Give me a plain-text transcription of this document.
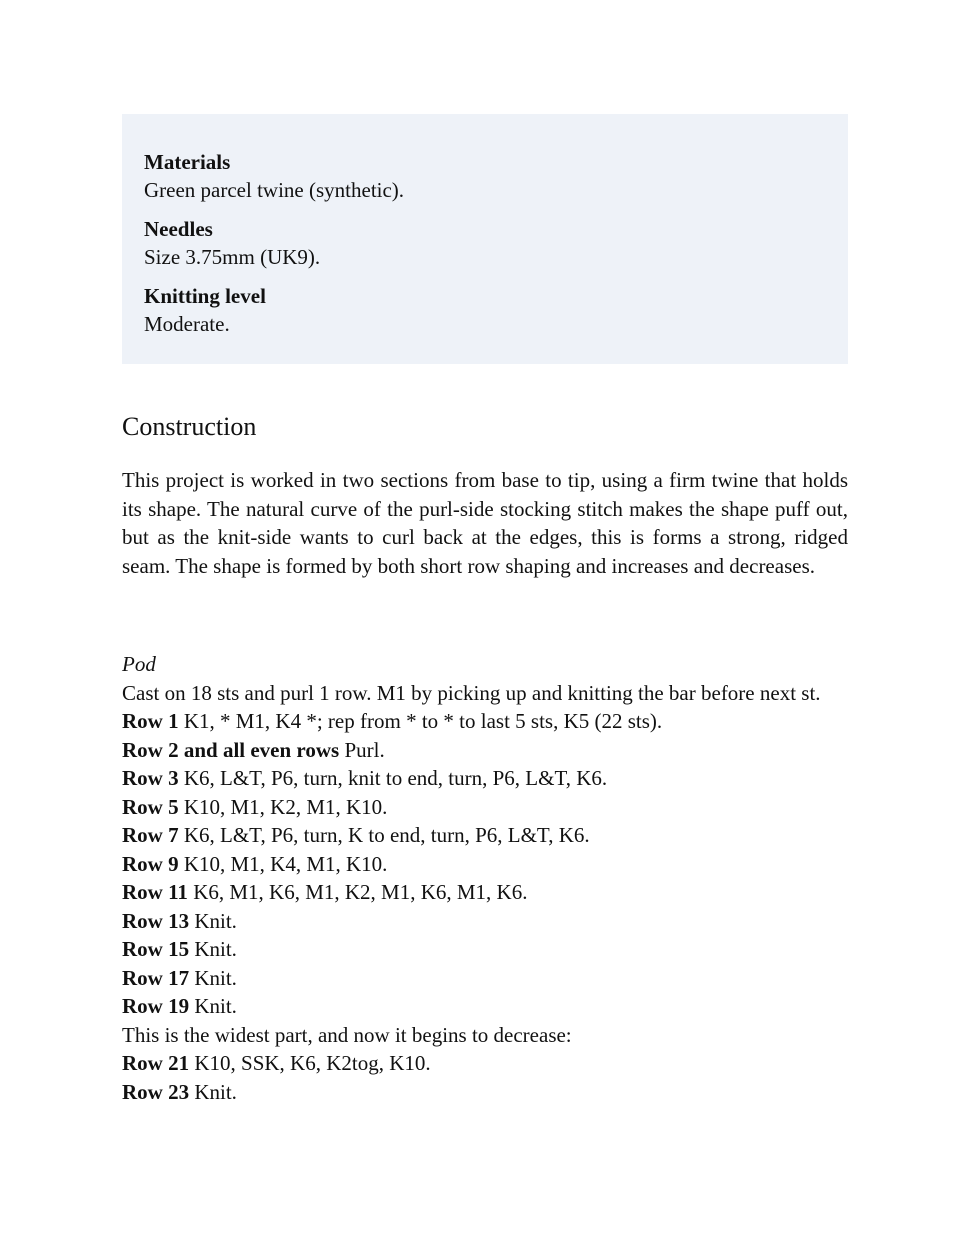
Materials
Green parcel twine (synthetic).
Needles
Size 3.75mm (UK9).
Knitting level
Moderate.
Construction

This project is worked in two sections from base to tip, using a firm twine that holds its shape. The natural curve of the purl-side stocking stitch makes the shape puff out, but as the knit-side wants to curl back at the edges, this is forms a strong, ridged seam. The shape is formed by both short row shaping and increases and decreases.

Pod
Cast on 18 sts and purl 1 row. M1 by picking up and knitting the bar before next st.
Row 1 K1, * M1, K4 *; rep from * to * to last 5 sts, K5 (22 sts).
Row 2 and all even rows Purl.
Row 3 K6, L&T, P6, turn, knit to end, turn, P6, L&T, K6.
Row 5 K10, M1, K2, M1, K10.
Row 7 K6, L&T, P6, turn, K to end, turn, P6, L&T, K6.
Row 9 K10, M1, K4, M1, K10.
Row 11 K6, M1, K6, M1, K2, M1, K6, M1, K6.
Row 13 Knit.
Row 15 Knit.
Row 17 Knit.
Row 19 Knit.
This is the widest part, and now it begins to decrease:
Row 21 K10, SSK, K6, K2tog, K10.
Row 23 Knit.
